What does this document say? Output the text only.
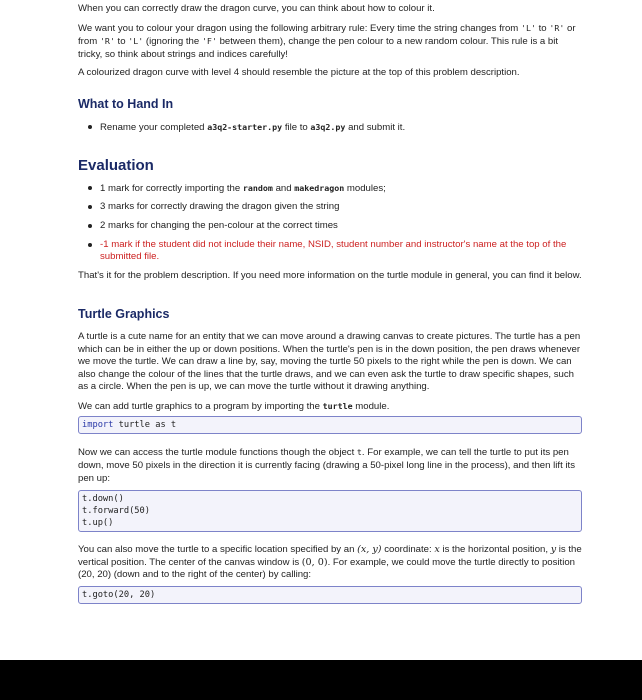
When you can correctly draw the dragon curve, you can think about how to colour it.

We want you to colour your dragon using the following arbitrary rule: Every time the string changes from 'L' to 'R' or from 'R' to 'L' (ignoring the 'F' between them), change the pen colour to a new random colour. This rule is a bit tricky, so think about strings and indices carefully!

A colourized dragon curve with level 4 should resemble the picture at the top of this problem description.

What to Hand In
Rename your completed a3q2-starter.py file to a3q2.py and submit it.
Evaluation
1 mark for correctly importing the random and makedragon modules;
3 marks for correctly drawing the dragon given the string
2 marks for changing the pen-colour at the correct times
-1 mark if the student did not include their name, NSID, student number and instructor's name at the top of the submitted file.

That's it for the problem description. If you need more information on the turtle module in general, you can find it below.

Turtle Graphics

A turtle is a cute name for an entity that we can move around a drawing canvas to create pictures. The turtle has a pen which can be in either the up or down positions. When the turtle's pen is in the down position, the pen draws whenever we move the turtle. We can draw a line by, say, moving the turtle 50 pixels to the right while the pen is down. We can also change the colour of the lines that the turtle draws, and we can even ask the turtle to draw specific shapes, such as a circle. When the pen is up, we can move the turtle without it drawing anything.

We can add turtle graphics to a program by importing the turtle module.

import turtle as t

Now we can access the turtle module functions though the object t. For example, we can tell the turtle to put its pen down, move 50 pixels in the direction it is currently facing (drawing a 50-pixel long line in the process), and then lift its pen up:

t.down()
t.forward(50)
t.up()

You can also move the turtle to a specific location specified by an (x, y) coordinate: x is the horizontal position, y is the vertical position. The center of the canvas window is (0, 0). For example, we could move the turtle directly to position (20, 20) (down and to the right of the center) by calling:

t.goto(20, 20)
